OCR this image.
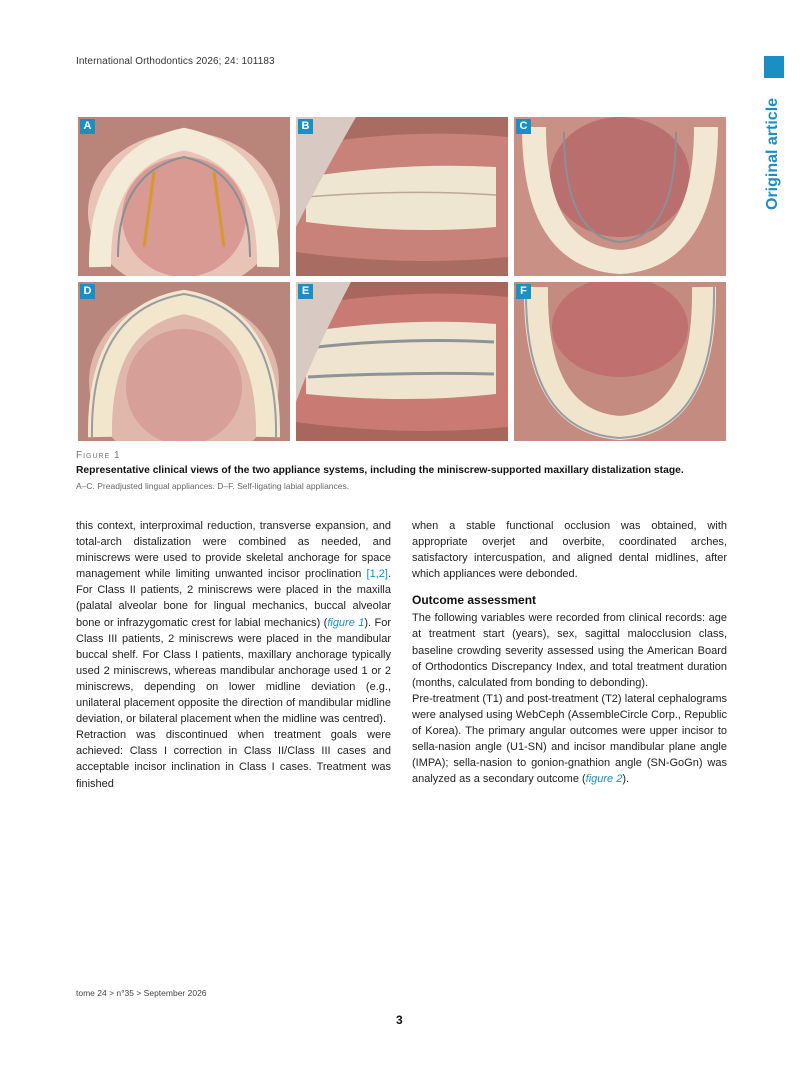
International Orthodontics 2026; 24: 101183
Original article
A	B	C
D	E	F
Figure 1
Representative clinical views of the two appliance systems, including the miniscrew-supported maxillary distalization stage.
A–C. Preadjusted lingual appliances. D–F. Self-ligating labial appliances.

this context, interproximal reduction, transverse expansion, and total-arch distalization were combined as needed, and miniscrews were used to provide skeletal anchorage for space management while limiting unwanted incisor proclination [1,2]. For Class II patients, 2 miniscrews were placed in the maxilla (palatal alveolar bone for lingual mechanics, buccal alveolar bone or infrazygomatic crest for labial mechanics) (figure 1). For Class III patients, 2 miniscrews were placed in the mandibular buccal shelf. For Class I patients, maxillary anchorage typically used 2 miniscrews, whereas mandibular anchorage used 1 or 2 miniscrews, depending on lower midline deviation (e.g., unilateral placement opposite the direction of mandibular midline deviation, or bilateral placement when the midline was centred).

Retraction was discontinued when treatment goals were achieved: Class I correction in Class II/Class III cases and acceptable incisor inclination in Class I cases. Treatment was finished

when a stable functional occlusion was obtained, with appropriate overjet and overbite, coordinated arches, satisfactory intercuspation, and aligned dental midlines, after which appliances were debonded.

Outcome assessment

The following variables were recorded from clinical records: age at treatment start (years), sex, sagittal malocclusion class, baseline crowding severity assessed using the American Board of Orthodontics Discrepancy Index, and total treatment duration (months, calculated from bonding to debonding).

Pre-treatment (T1) and post-treatment (T2) lateral cephalograms were analysed using WebCeph (AssembleCircle Corp., Republic of Korea). The primary angular outcomes were upper incisor to sella-nasion angle (U1-SN) and incisor mandibular plane angle (IMPA); sella-nasion to gonion-gnathion angle (SN-GoGn) was analyzed as a secondary outcome (figure 2).

tome 24 > n°35 > September 2026
3
